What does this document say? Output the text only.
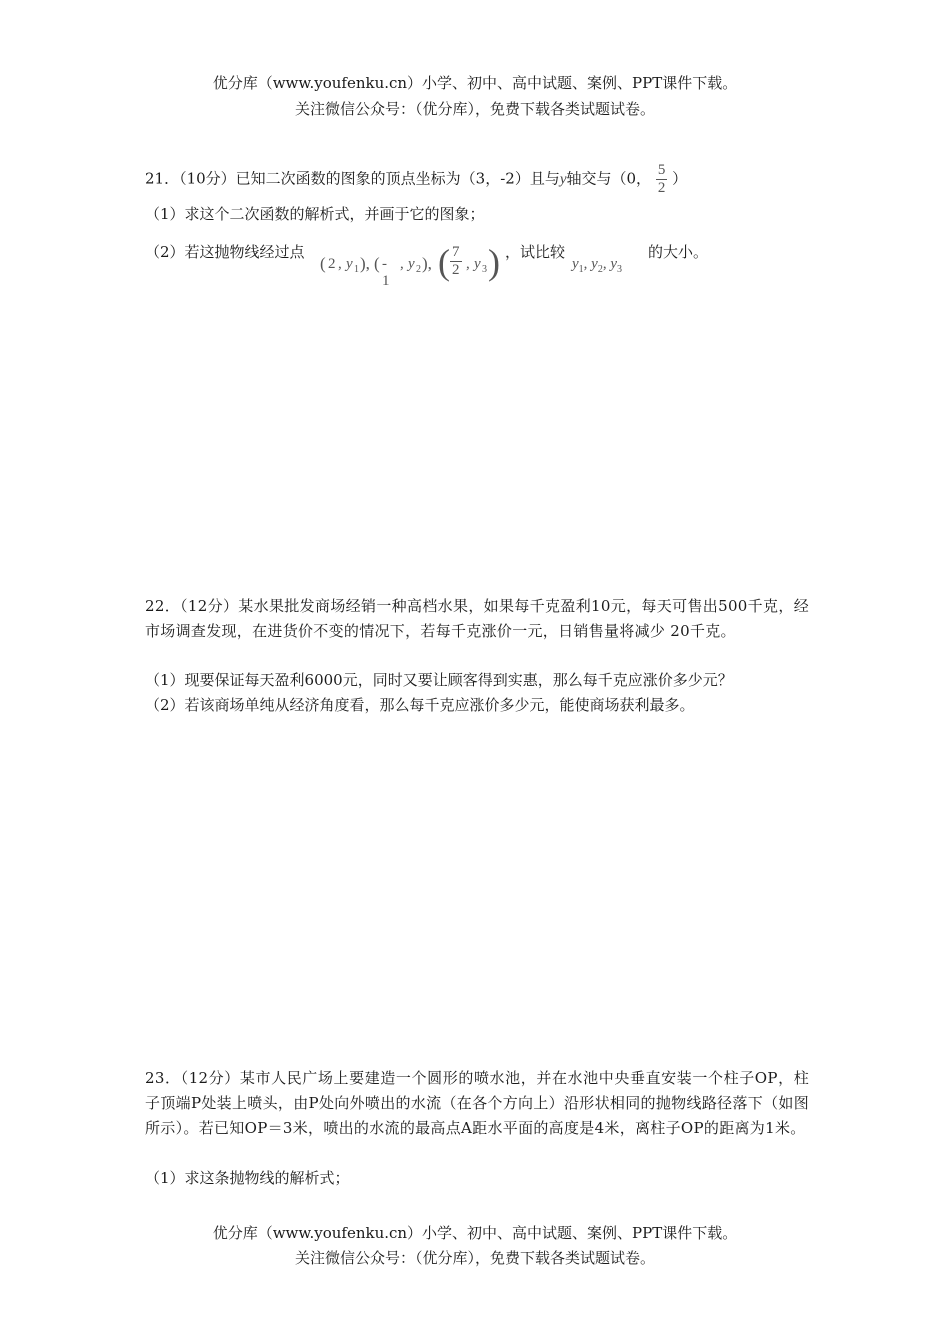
优分库（www.youfenku.cn）小学、初中、高中试题、案例、PPT课件下载。
关注微信公众号：（优分库），免费下载各类试题试卷。
21．（10分）已知二次函数的图象的顶点坐标为（3，-2）且与y轴交与（0， $\frac{5}{2}$ ）
（1）求这个二次函数的解析式，并画于它的图象；
（2）若这抛物线经过点
( 2 , y 1 ), ( - 1
, y 2 ), ( $\frac{7}{2}$ , y 3 ) ，试比较
$y_1$, $y_2$, $y_3$
的大小。
22．（12分）某水果批发商场经销一种高档水果，如果每千克盈利10元，每天可售出500千克，经市场调查发现，在进货价不变的情况下，若每千克涨价一元，日销售量将减少 20千克。
（1）现要保证每天盈利6000元，同时又要让顾客得到实惠，那么每千克应涨价多少元？
（2）若该商场单纯从经济角度看，那么每千克应涨价多少元，能使商场获利最多。
23．（12分）某市人民广场上要建造一个圆形的喷水池，并在水池中央垂直安装一个柱子OP，柱子顶端P处装上喷头，由P处向外喷出的水流（在各个方向上）沿形状相同的抛物线路径落下（如图所示）。若已知OP＝3米，喷出的水流的最高点A距水平面的高度是4米，离柱子OP的距离为1米。
（1）求这条抛物线的解析式；
优分库（www.youfenku.cn）小学、初中、高中试题、案例、PPT课件下载。
关注微信公众号：（优分库），免费下载各类试题试卷。
